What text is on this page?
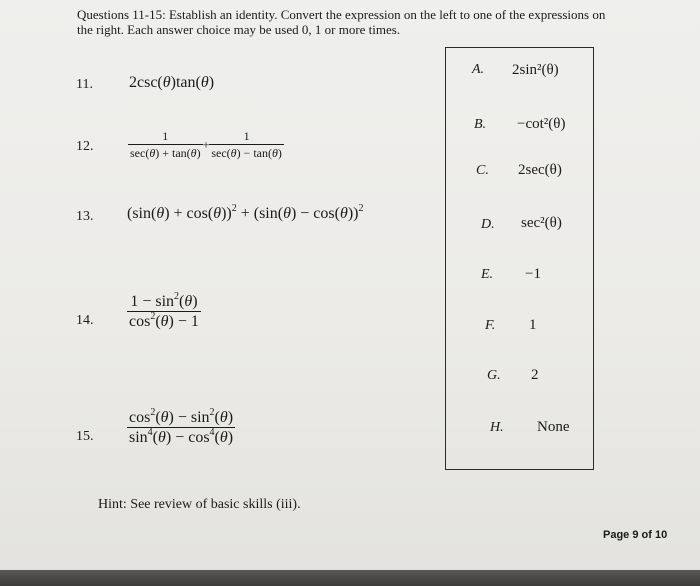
Questions 11-15: Establish an identity. Convert the expression on the left to one of the expressions on the right. Each answer choice may be used 0, 1 or more times.
11. 2csc(θ)tan(θ)
12.	$\frac{1}{\sec(\theta) + \tan(\theta)} + \frac{1}{\sec(\theta) - \tan(\theta)}$
13. $(\sin(\theta) + \cos(\theta))^2 + (\sin(\theta) - \cos(\theta))^2$
14. $\frac{1 - \sin^2(\theta)}{\cos^2(\theta) - 1}$
15. $\frac{\cos^2(\theta) - \sin^2(\theta)}{\sin^4(\theta) - \cos^4(\theta)}$
A. 2sin²(θ)
B. −cot²(θ)
C. 2sec(θ)
D. sec²(θ)
E. −1
F. 1
G. 2
H. None
Hint: See review of basic skills (iii).
Page 9 of 10
